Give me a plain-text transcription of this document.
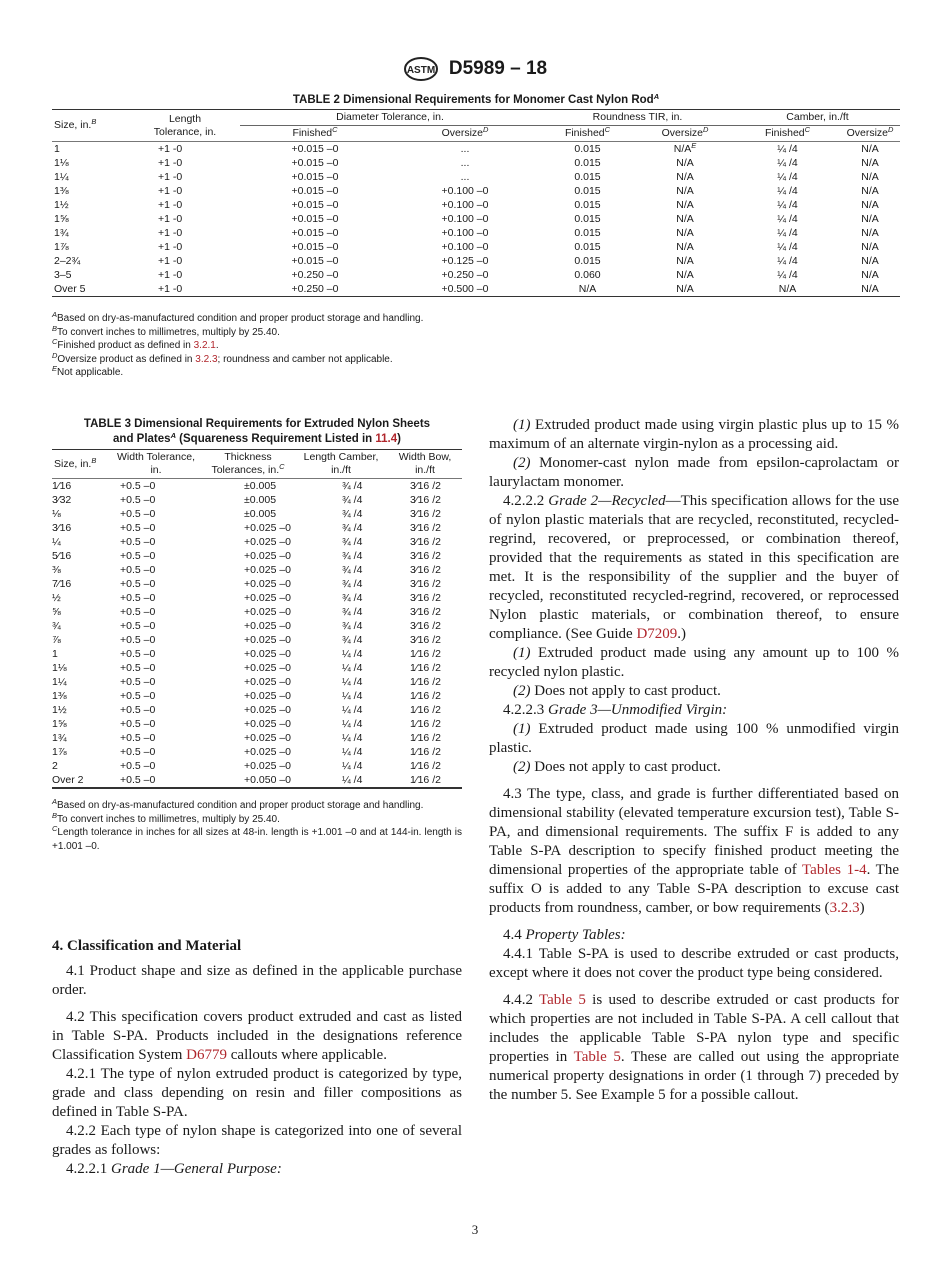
ASTM D5989 – 18
TABLE 2 Dimensional Requirements for Monomer Cast Nylon Rod$^A$
Size, in.$^B$	Length
Tolerance, in.	Diameter Tolerance, in.		Roundness TIR, in.		Camber, in./ft	
		Finished$^C$	Oversize$^D$	Finished$^C$	Oversize$^D$	Finished$^C$	Oversize$^D$
1	+1 -0	+0.015 –0	...	0.015	N/A$^E$	¼ /4	N/A
1⅛	+1 -0	+0.015 –0	...	0.015	N/A	¼ /4	N/A
1¼	+1 -0	+0.015 –0	...	0.015	N/A	¼ /4	N/A
1⅜	+1 -0	+0.015 –0	+0.100 –0	0.015	N/A	¼ /4	N/A
1½	+1 -0	+0.015 –0	+0.100 –0	0.015	N/A	¼ /4	N/A
1⅝	+1 -0	+0.015 –0	+0.100 –0	0.015	N/A	¼ /4	N/A
1¾	+1 -0	+0.015 –0	+0.100 –0	0.015	N/A	¼ /4	N/A
1⅞	+1 -0	+0.015 –0	+0.100 –0	0.015	N/A	¼ /4	N/A
2–2¾	+1 -0	+0.015 –0	+0.125 –0	0.015	N/A	¼ /4	N/A
3–5	+1 -0	+0.250 –0	+0.250 –0	0.060	N/A	¼ /4	N/A
Over 5	+1 -0	+0.250 –0	+0.500 –0	N/A	N/A	N/A	N/A
$^A$Based on dry-as-manufactured condition and proper product storage and handling.
$^B$To convert inches to millimetres, multiply by 25.40.
$^C$Finished product as defined in 3.2.1.
$^D$Oversize product as defined in 3.2.3; roundness and camber not applicable.
$^E$Not applicable.
TABLE 3 Dimensional Requirements for Extruded Nylon Sheets
and Plates$^A$ (Squareness Requirement Listed in 11.4)
Size, in.$^B$	Width Tolerance, in.	Thickness Tolerances, in.$^C$	Length Camber, in./ft	Width Bow, in./ft
1⁄16	+0.5 –0	±0.005	¾ /4	3⁄16 /2
3⁄32	+0.5 –0	±0.005	¾ /4	3⁄16 /2
⅛	+0.5 –0	±0.005	¾ /4	3⁄16 /2
3⁄16	+0.5 –0	+0.025 –0	¾ /4	3⁄16 /2
¼	+0.5 –0	+0.025 –0	¾ /4	3⁄16 /2
5⁄16	+0.5 –0	+0.025 –0	¾ /4	3⁄16 /2
⅜	+0.5 –0	+0.025 –0	¾ /4	3⁄16 /2
7⁄16	+0.5 –0	+0.025 –0	¾ /4	3⁄16 /2
½	+0.5 –0	+0.025 –0	¾ /4	3⁄16 /2
⅝	+0.5 –0	+0.025 –0	¾ /4	3⁄16 /2
¾	+0.5 –0	+0.025 –0	¾ /4	3⁄16 /2
⅞	+0.5 –0	+0.025 –0	¾ /4	3⁄16 /2
1	+0.5 –0	+0.025 –0	¼ /4	1⁄16 /2
1⅛	+0.5 –0	+0.025 –0	¼ /4	1⁄16 /2
1¼	+0.5 –0	+0.025 –0	¼ /4	1⁄16 /2
1⅜	+0.5 –0	+0.025 –0	¼ /4	1⁄16 /2
1½	+0.5 –0	+0.025 –0	¼ /4	1⁄16 /2
1⅝	+0.5 –0	+0.025 –0	¼ /4	1⁄16 /2
1¾	+0.5 –0	+0.025 –0	¼ /4	1⁄16 /2
1⅞	+0.5 –0	+0.025 –0	¼ /4	1⁄16 /2
2	+0.5 –0	+0.025 –0	¼ /4	1⁄16 /2
Over 2	+0.5 –0	+0.050 –0	¼ /4	1⁄16 /2
$^A$Based on dry-as-manufactured condition and proper product storage and handling.
$^B$To convert inches to millimetres, multiply by 25.40.
$^C$Length tolerance in inches for all sizes at 48-in. length is +1.001 –0 and at 144-in. length is +1.001 –0.

4. Classification and Material

4.1 Product shape and size as defined in the applicable purchase order.

4.2 This specification covers product extruded and cast as listed in Table S-PA. Products included in the designations reference Classification System D6779 callouts where applicable.

4.2.1 The type of nylon extruded product is categorized by type, grade and class depending on resin and filler compositions as defined in Table S-PA.

4.2.2 Each type of nylon shape is categorized into one of several grades as follows:

4.2.2.1 Grade 1—General Purpose:

(1) Extruded product made using virgin plastic plus up to 15 % maximum of an alternate virgin-nylon as a processing aid.

(2) Monomer-cast nylon made from epsilon-caprolactam or laurylactam monomer.

4.2.2.2 Grade 2—Recycled—This specification allows for the use of nylon plastic materials that are recycled, reconstituted, recycled-regrind, recovered, or preprocessed, or combination thereof, provided that the requirements as stated in this specification are met. It is the responsibility of the supplier and the buyer of recycled, reconstituted recycled-regrind, recovered, or reprocessed Nylon plastic materials, or combination thereof, to ensure compliance. (See Guide D7209.)

(1) Extruded product made using any amount up to 100 % recycled nylon plastic.

(2) Does not apply to cast product.

4.2.2.3 Grade 3—Unmodified Virgin:

(1) Extruded product made using 100 % unmodified virgin plastic.

(2) Does not apply to cast product.

4.3 The type, class, and grade is further differentiated based on dimensional stability (elevated temperature excursion test), Table S-PA, and dimensional requirements. The suffix F is added to any Table S-PA description to specify finished product meeting the dimensional properties of the appropriate table of Tables 1-4. The suffix O is added to any Table S-PA description to excuse cast products from roundness, camber, or bow requirements (3.2.3)

4.4 Property Tables:

4.4.1 Table S-PA is used to describe extruded or cast products, except where it does not cover the product type being considered.

4.4.2 Table 5 is used to describe extruded or cast products for which properties are not included in Table S-PA. A cell callout that includes the applicable Table S-PA nylon type and specific properties in Table 5. These are called out using the appropriate numerical property designations in order (1 through 7) preceded by the number 5. See Example 5 for a possible callout.

3
